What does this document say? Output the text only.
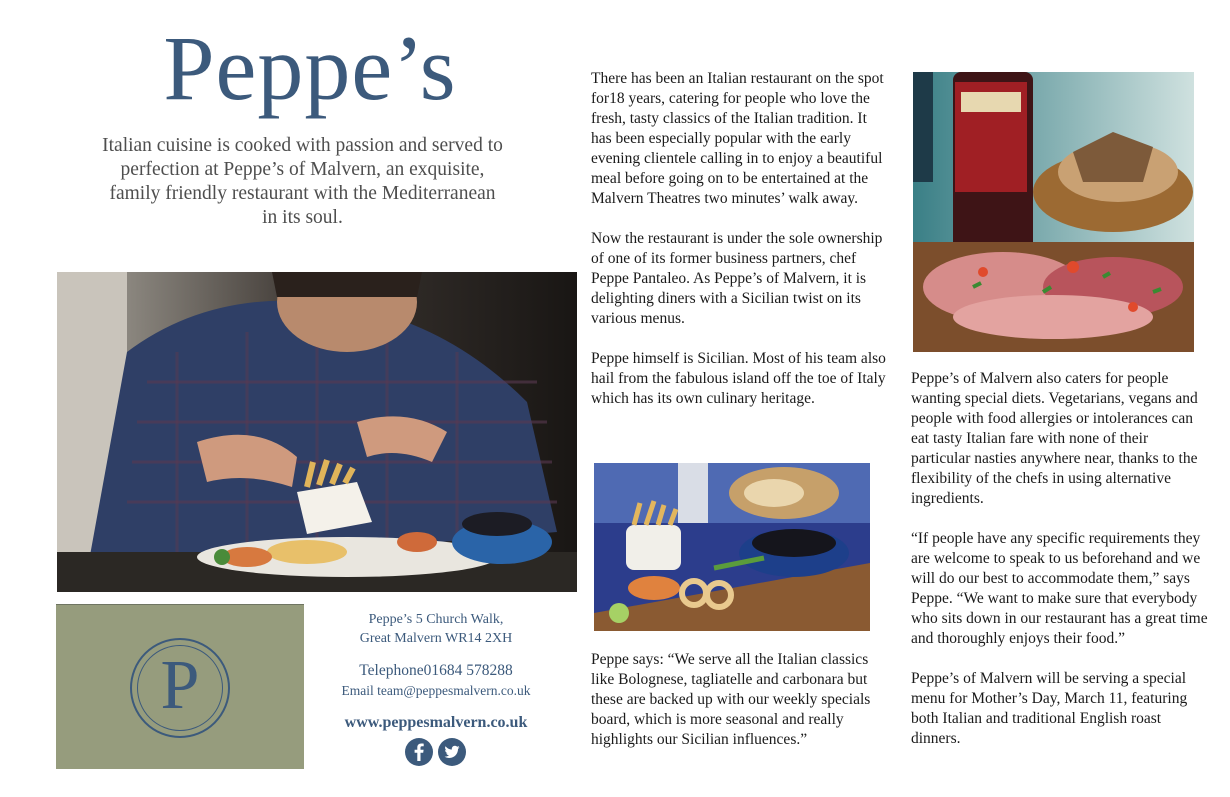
Peppe’s
Italian cuisine is cooked with passion and served to perfection at Peppe’s of Malvern, an exquisite, family friendly restaurant with the Mediterranean in its soul.

There has been an Italian restaurant on the spot for18 years, catering for people who love the fresh, tasty classics of the Italian tradition. It has been especially popular with the early evening clientele calling in to enjoy a beautiful meal before going on to be entertained at the Malvern Theatres two minutes’ walk away.

Now the restaurant is under the sole ownership of one of its former business partners, chef Peppe Pantaleo. As Peppe’s of Malvern, it is delighting diners with a Sicilian twist on its various menus.

Peppe himself is Sicilian. Most of his team also hail from the fabulous island off the toe of Italy which has its own culinary heritage.

Peppe says: “We serve all the Italian classics like Bolognese, tagliatelle and carbonara but these are backed up with our weekly specials board, which is more seasonal and really highlights our Sicilian influences.”

Peppe’s of Malvern also caters for people wanting special diets. Vegetarians, vegans and people with food allergies or intolerances can eat tasty Italian fare with none of their particular nasties anywhere near, thanks to the flexibility of the chefs in using alternative ingredients.

“If people have any specific requirements they are welcome to speak to us beforehand and we will do our best to accommodate them,” says Peppe. “We want to make sure that everybody who sits down in our restaurant has a great time and thoroughly enjoys their food.”

Peppe’s of Malvern will be serving a special menu for Mother’s Day, March 11, featuring both Italian and traditional English roast dinners.

P
Peppe’s 5 Church Walk,
Great Malvern WR14 2XH
Telephone01684 578288
Email team@peppesmalvern.co.uk
www.peppesmalvern.co.uk
